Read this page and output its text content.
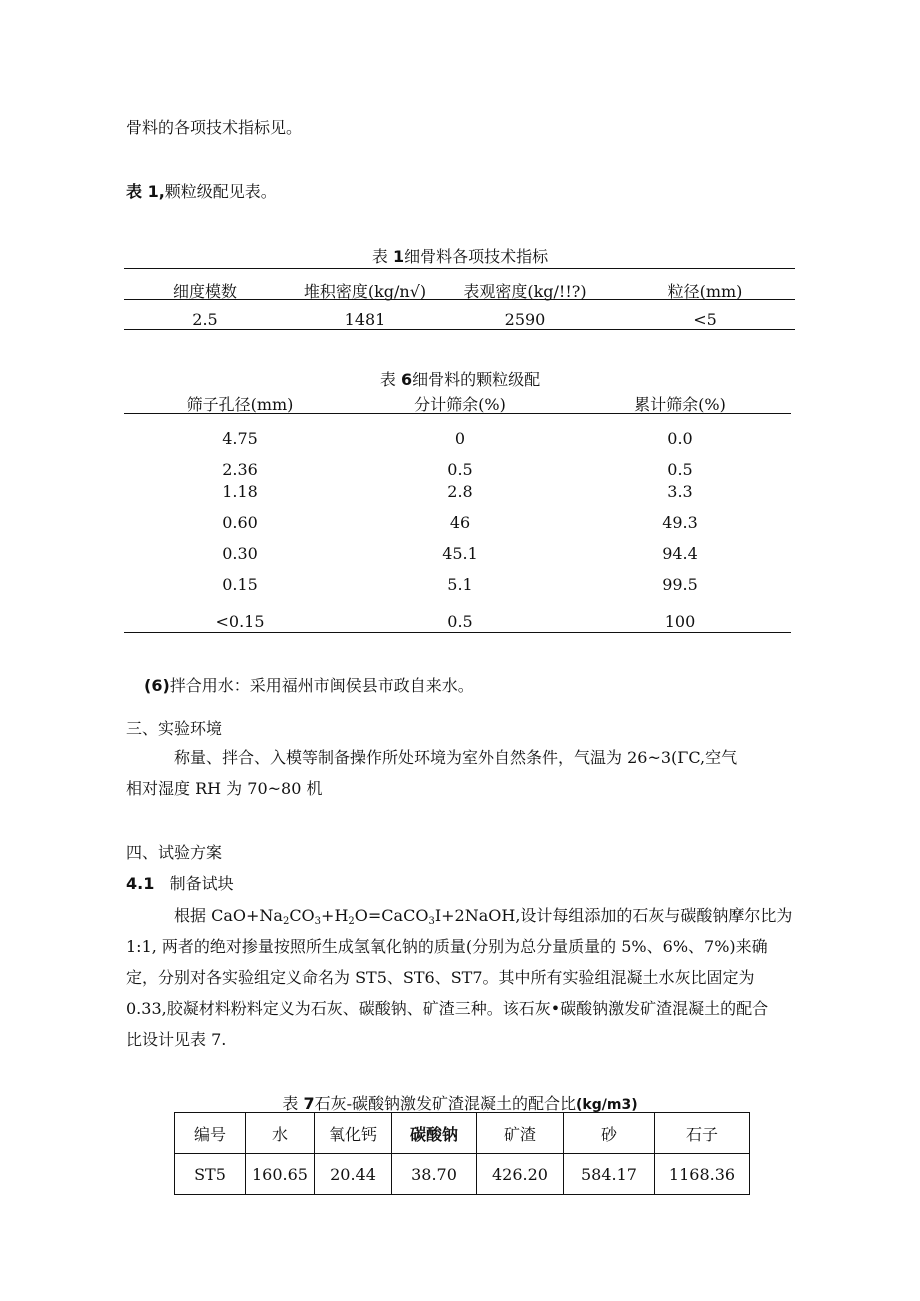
骨料的各项技术指标见。
表 1,颗粒级配见表。
表 1细骨料各项技术指标
细度模数	堆积密度(kg/n√)	表观密度(kg/!!?)	粒径(mm)
2.5	1481	2590	<5
表 6细骨料的颗粒级配
筛子孔径(mm)	分计筛余(%)	累计筛余(%)
4.75	0	0.0
2.36	0.5	0.5
1.18	2.8	3.3
0.60	46	49.3
0.30	45.1	94.4
0.15	5.1	99.5
<0.15	0.5	100
(6)拌合用水：采用福州市闽侯县市政自来水。
三、实验环境
称量、拌合、入模等制备操作所处环境为室外自然条件，气温为 26~3(ΓC,空气
相对湿度 RH 为 70~80 机
四、试验方案
4.1 制备试块
根据 $CaO+Na_2CO_3+H_2O=CaCO_3I+2NaOH$,设计每组添加的石灰与碳酸钠摩尔比为
1:1, 两者的绝对掺量按照所生成氢氧化钠的质量(分别为总分量质量的 5%、6%、7%)来确
定，分别对各实验组定义命名为 ST5、ST6、ST7。其中所有实验组混凝土水灰比固定为
0.33,胶凝材料粉料定义为石灰、碳酸钠、矿渣三种。该石灰•碳酸钠激发矿渣混凝土的配合
比设计见表 7.
表 7石灰-碳酸钠激发矿渣混凝土的配合比(kg/m3)
编号	水	氧化钙	碳酸钠	矿渣	砂	石子
ST5	160.65	20.44	38.70	426.20	584.17	1168.36
